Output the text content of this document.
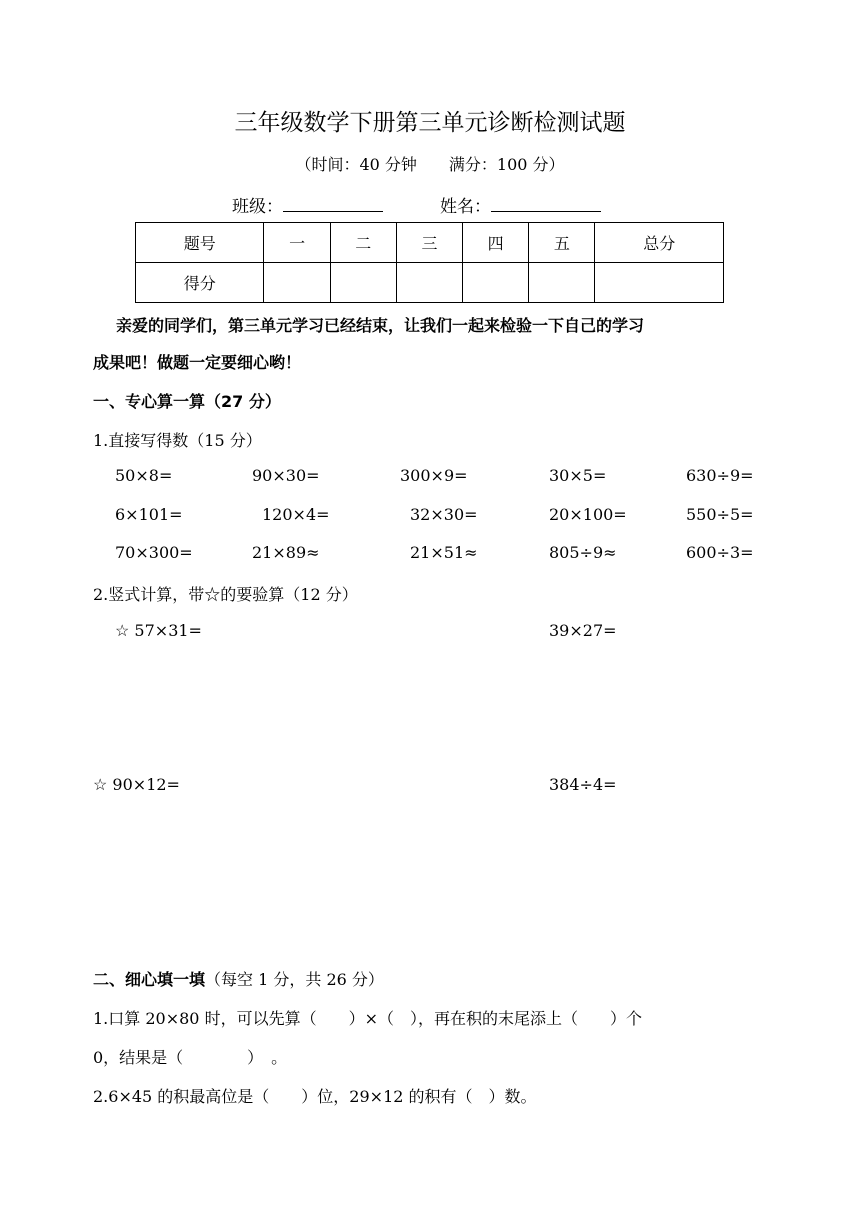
三年级数学下册第三单元诊断检测试题
（时间：40 分钟　　满分：100 分）
班级：	姓名：
题号	一	二	三	四	五	总分
得分						
亲爱的同学们，第三单元学习已经结束，让我们一起来检验一下自己的学习
成果吧！做题一定要细心哟！
一、专心算一算（27 分）
1.直接写得数（15 分）
50×8=	90×30=	300×9=	30×5=	630÷9=
6×101=	120×4=	32×30=	20×100=	550÷5=
70×300=	21×89≈	21×51≈	805÷9≈	600÷3=
2.竖式计算，带☆的要验算（12 分）
☆ 57×31=	39×27=
☆ 90×12=	384÷4=
二、细心填一填（每空 1 分，共 26 分）
1.口算 20×80 时，可以先算（　　）×（　），再在积的末尾添上（　　）个
0，结果是（　　　　）　。
2.6×45 的积最高位是（　　）位，29×12 的积有（　）数。
